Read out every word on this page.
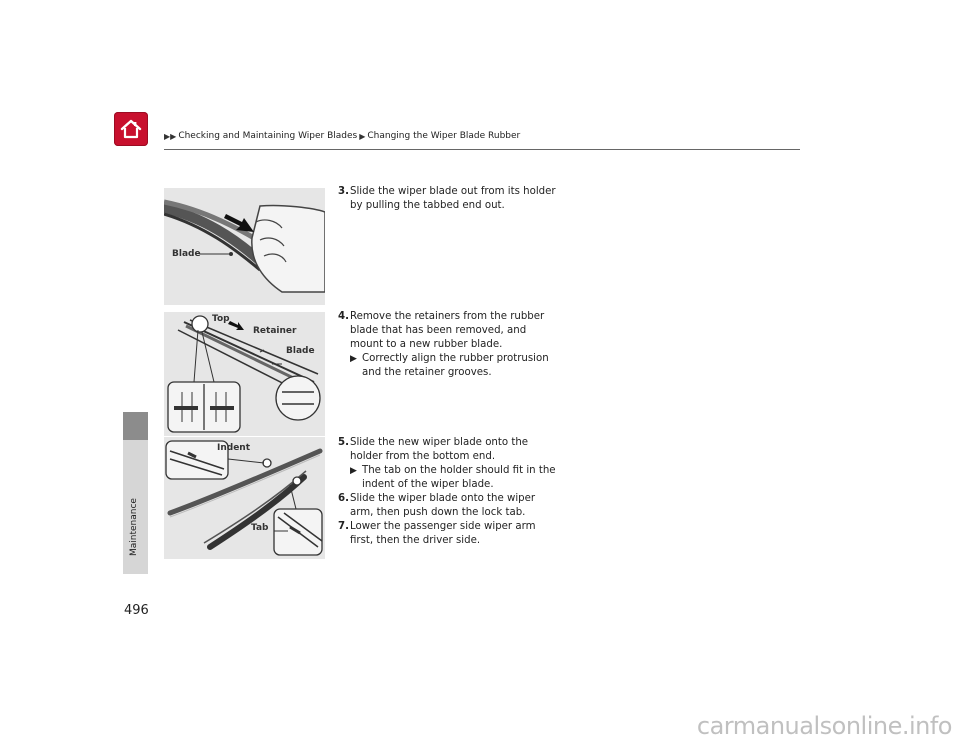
▶▶ Checking and Maintaining Wiper Blades ▶ Changing the Wiper Blade Rubber
Maintenance
496
Blade
Top
Retainer
Blade
Indent
Tab

3. Slide the wiper blade out from its holder by pulling the tabbed end out.

4. Remove the retainers from the rubber blade that has been removed, and mount to a new rubber blade.

▶ Correctly align the rubber protrusion and the retainer grooves.

5. Slide the new wiper blade onto the holder from the bottom end.

▶ The tab on the holder should fit in the indent of the wiper blade.

6. Slide the wiper blade onto the wiper arm, then push down the lock tab.

7. Lower the passenger side wiper arm first, then the driver side.

carmanualsonline.info
